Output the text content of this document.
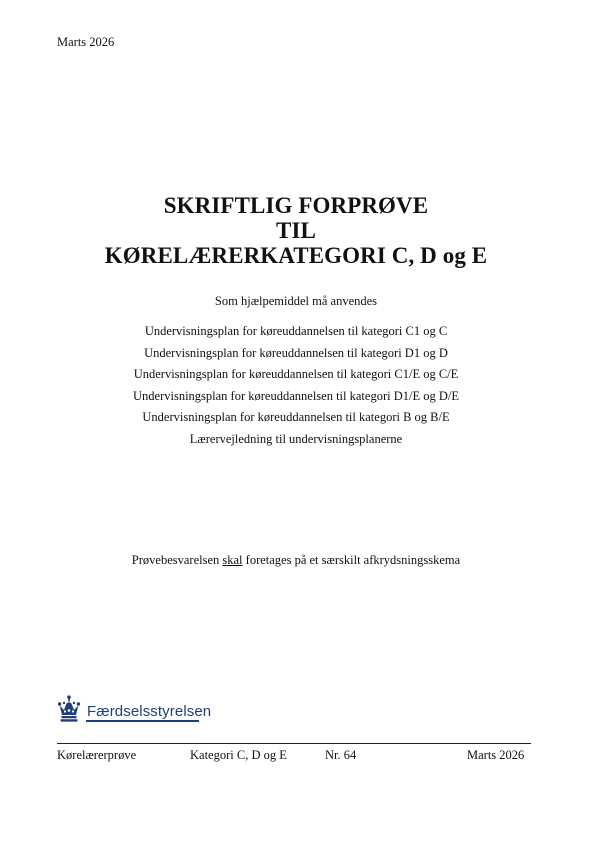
Marts 2026
SKRIFTLIG FORPRØVE
TIL
KØRELÆRERKATEGORI C, D og E
Som hjælpemiddel må anvendes
Undervisningsplan for køreuddannelsen til kategori C1 og C
Undervisningsplan for køreuddannelsen til kategori D1 og D
Undervisningsplan for køreuddannelsen til kategori C1/E og C/E
Undervisningsplan for køreuddannelsen til kategori D1/E og D/E
Undervisningsplan for køreuddannelsen til kategori B og B/E
Lærervejledning til undervisningsplanerne
Prøvebesvarelsen skal foretages på et særskilt afkrydsningsskema
Færdselsstyrelsen
Kørelærerprøve	Kategori C, D og E	Nr. 64	Marts 2026
